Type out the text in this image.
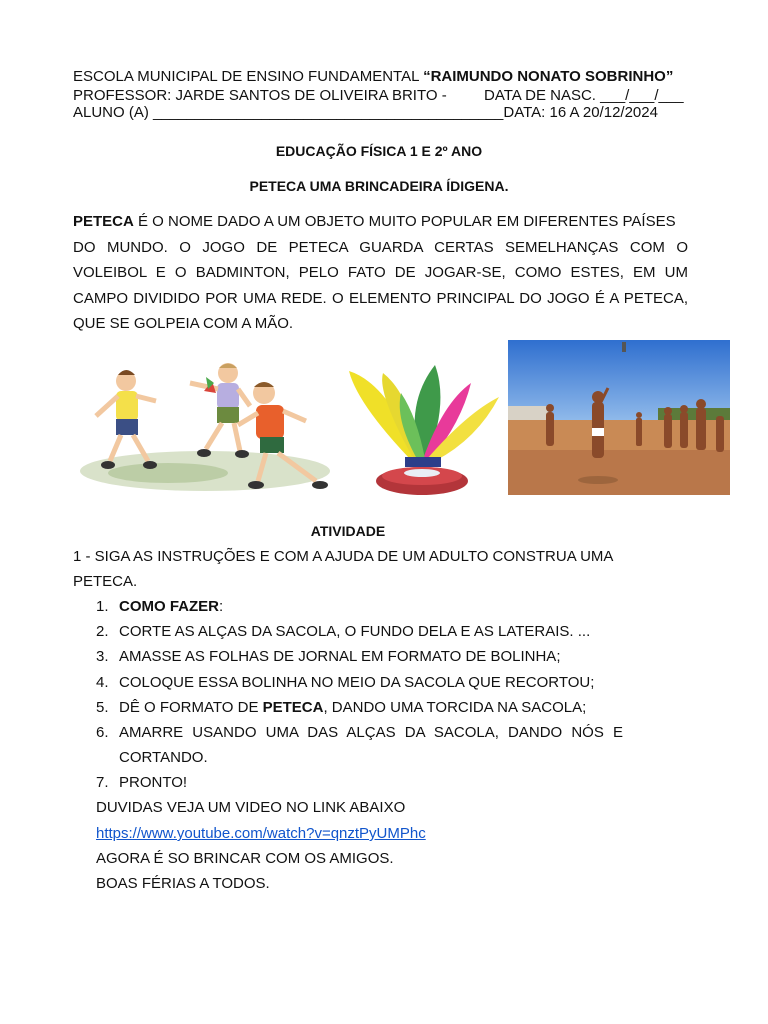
ESCOLA MUNICIPAL DE ENSINO FUNDAMENTAL “RAIMUNDO NONATO SOBRINHO”
PROFESSOR: JARDE SANTOS DE OLIVEIRA BRITO - DATA DE NASC. ___/___/___
ALUNO (A) __________________________________________DATA: 16 A 20/12/2024
EDUCAÇÃO FÍSICA 1 E 2º ANO
PETECA UMA BRINCADEIRA ÍDIGENA.
PETECA É O NOME DADO A UM OBJETO MUITO POPULAR EM DIFERENTES PAÍSES
DO MUNDO. O JOGO DE PETECA GUARDA CERTAS SEMELHANÇAS COM O
VOLEIBOL E O BADMINTON, PELO FATO DE JOGAR-SE, COMO ESTES, EM UM
CAMPO DIVIDIDO POR UMA REDE. O ELEMENTO PRINCIPAL DO JOGO É A PETECA,
QUE SE GOLPEIA COM A MÃO.
ATIVIDADE
1 - SIGA AS INSTRUÇÕES E COM A AJUDA DE UM ADULTO CONSTRUA UMA
PETECA.
1. COMO FAZER:
2. CORTE AS ALÇAS DA SACOLA, O FUNDO DELA E AS LATERAIS. ...
3. AMASSE AS FOLHAS DE JORNAL EM FORMATO DE BOLINHA;
4. COLOQUE ESSA BOLINHA NO MEIO DA SACOLA QUE RECORTOU;
5. DÊ O FORMATO DE PETECA, DANDO UMA TORCIDA NA SACOLA;
6. AMARRE USANDO UMA DAS ALÇAS DA SACOLA, DANDO NÓS E
CORTANDO.
7. PRONTO!
DUVIDAS VEJA UM VIDEO NO LINK ABAIXO
https://www.youtube.com/watch?v=qnztPyUMPhc
AGORA É SO BRINCAR COM OS AMIGOS.
BOAS FÉRIAS A TODOS.
